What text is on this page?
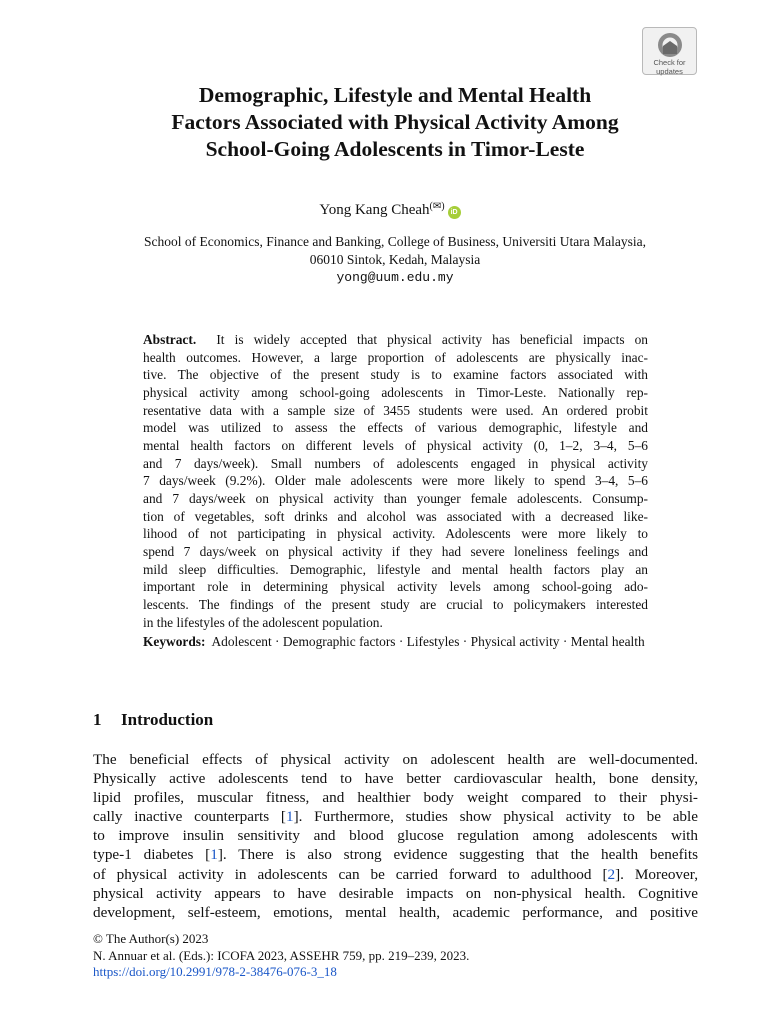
Check for
updates
Demographic, Lifestyle and Mental Health
Factors Associated with Physical Activity Among
School-Going Adolescents in Timor-Leste
Yong Kang Cheah(✉)iD
School of Economics, Finance and Banking, College of Business, Universiti Utara Malaysia,
06010 Sintok, Kedah, Malaysia
yong@uum.edu.my
Abstract. It is widely accepted that physical activity has beneficial impacts on
health outcomes. However, a large proportion of adolescents are physically inac-
tive. The objective of the present study is to examine factors associated with
physical activity among school-going adolescents in Timor-Leste. Nationally rep-
resentative data with a sample size of 3455 students were used. An ordered probit
model was utilized to assess the effects of various demographic, lifestyle and
mental health factors on different levels of physical activity (0, 1–2, 3–4, 5–6
and 7 days/week). Small numbers of adolescents engaged in physical activity
7 days/week (9.2%). Older male adolescents were more likely to spend 3–4, 5–6
and 7 days/week on physical activity than younger female adolescents. Consump-
tion of vegetables, soft drinks and alcohol was associated with a decreased like-
lihood of not participating in physical activity. Adolescents were more likely to
spend 7 days/week on physical activity if they had severe loneliness feelings and
mild sleep difficulties. Demographic, lifestyle and mental health factors play an
important role in determining physical activity levels among school-going ado-
lescents. The findings of the present study are crucial to policymakers interested
in the lifestyles of the adolescent population.
Keywords: Adolescent · Demographic factors · Lifestyles · Physical activity · Mental health
1 Introduction
The beneficial effects of physical activity on adolescent health are well-documented.
Physically active adolescents tend to have better cardiovascular health, bone density,
lipid profiles, muscular fitness, and healthier body weight compared to their physi-
cally inactive counterparts [1]. Furthermore, studies show physical activity to be able
to improve insulin sensitivity and blood glucose regulation among adolescents with
type-1 diabetes [1]. There is also strong evidence suggesting that the health benefits
of physical activity in adolescents can be carried forward to adulthood [2]. Moreover,
physical activity appears to have desirable impacts on non-physical health. Cognitive
development, self-esteem, emotions, mental health, academic performance, and positive
© The Author(s) 2023
N. Annuar et al. (Eds.): ICOFA 2023, ASSEHR 759, pp. 219–239, 2023.
https://doi.org/10.2991/978-2-38476-076-3_18
